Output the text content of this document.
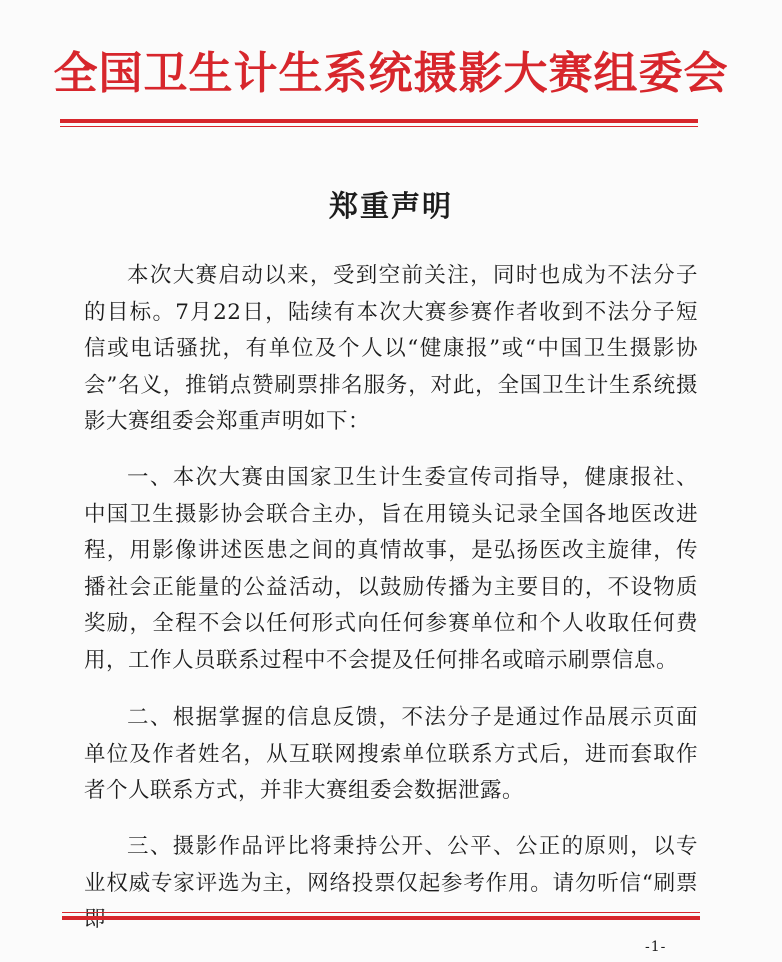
全国卫生计生系统摄影大赛组委会
郑重声明

本次大赛启动以来，受到空前关注，同时也成为不法分子的目标。7月22日，陆续有本次大赛参赛作者收到不法分子短信或电话骚扰，有单位及个人以“健康报”或“中国卫生摄影协会”名义，推销点赞刷票排名服务，对此，全国卫生计生系统摄影大赛组委会郑重声明如下：

一、本次大赛由国家卫生计生委宣传司指导，健康报社、中国卫生摄影协会联合主办，旨在用镜头记录全国各地医改进程，用影像讲述医患之间的真情故事，是弘扬医改主旋律，传播社会正能量的公益活动，以鼓励传播为主要目的，不设物质奖励，全程不会以任何形式向任何参赛单位和个人收取任何费用，工作人员联系过程中不会提及任何排名或暗示刷票信息。

二、根据掌握的信息反馈，不法分子是通过作品展示页面单位及作者姓名，从互联网搜索单位联系方式后，进而套取作者个人联系方式，并非大赛组委会数据泄露。

三、摄影作品评比将秉持公开、公平、公正的原则，以专业权威专家评选为主，网络投票仅起参考作用。请勿听信“刷票

-1-
